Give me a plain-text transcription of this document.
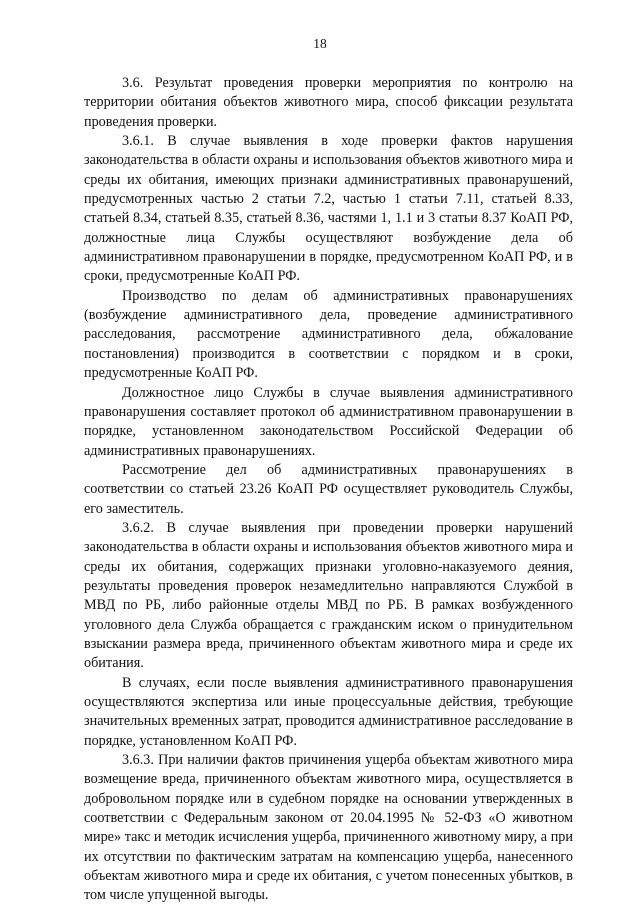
18

3.6. Результат проведения проверки мероприятия по контролю на территории обитания объектов животного мира, способ фиксации результата проведения проверки.

3.6.1. В случае выявления в ходе проверки фактов нарушения законодательства в области охраны и использования объектов животного мира и среды их обитания, имеющих признаки административных правонарушений, предусмотренных частью 2 статьи 7.2, частью 1 статьи 7.11, статьей 8.33, статьей 8.34, статьей 8.35, статьей 8.36, частями 1, 1.1 и 3 статьи 8.37 КоАП РФ, должностные лица Службы осуществляют возбуждение дела об административном правонарушении в порядке, предусмотренном КоАП РФ, и в сроки, предусмотренные КоАП РФ.

Производство по делам об административных правонарушениях (возбуждение административного дела, проведение административного расследования, рассмотрение административного дела, обжалование постановления) производится в соответствии с порядком и в сроки, предусмотренные КоАП РФ.

Должностное лицо Службы в случае выявления административного правонарушения составляет протокол об административном правонарушении в порядке, установленном законодательством Российской Федерации об административных правонарушениях.

Рассмотрение дел об административных правонарушениях в соответствии со статьей 23.26 КоАП РФ осуществляет руководитель Службы, его заместитель.

3.6.2. В случае выявления при проведении проверки нарушений законодательства в области охраны и использования объектов животного мира и среды их обитания, содержащих признаки уголовно-наказуемого деяния, результаты проведения проверок незамедлительно направляются Службой в МВД по РБ, либо районные отделы МВД по РБ. В рамках возбужденного уголовного дела Служба обращается с гражданским иском о принудительном взыскании размера вреда, причиненного объектам животного мира и среде их обитания.

В случаях, если после выявления административного правонарушения осуществляются экспертиза или иные процессуальные действия, требующие значительных временных затрат, проводится административное расследование в порядке, установленном КоАП РФ.

3.6.3. При наличии фактов причинения ущерба объектам животного мира возмещение вреда, причиненного объектам животного мира, осуществляется в добровольном порядке или в судебном порядке на основании утвержденных в соответствии с Федеральным законом от 20.04.1995 № 52-ФЗ «О животном мире» такс и методик исчисления ущерба, причиненного животному миру, а при их отсутствии по фактическим затратам на компенсацию ущерба, нанесенного объектам животного мира и среде их обитания, с учетом понесенных убытков, в том числе упущенной выгоды.
